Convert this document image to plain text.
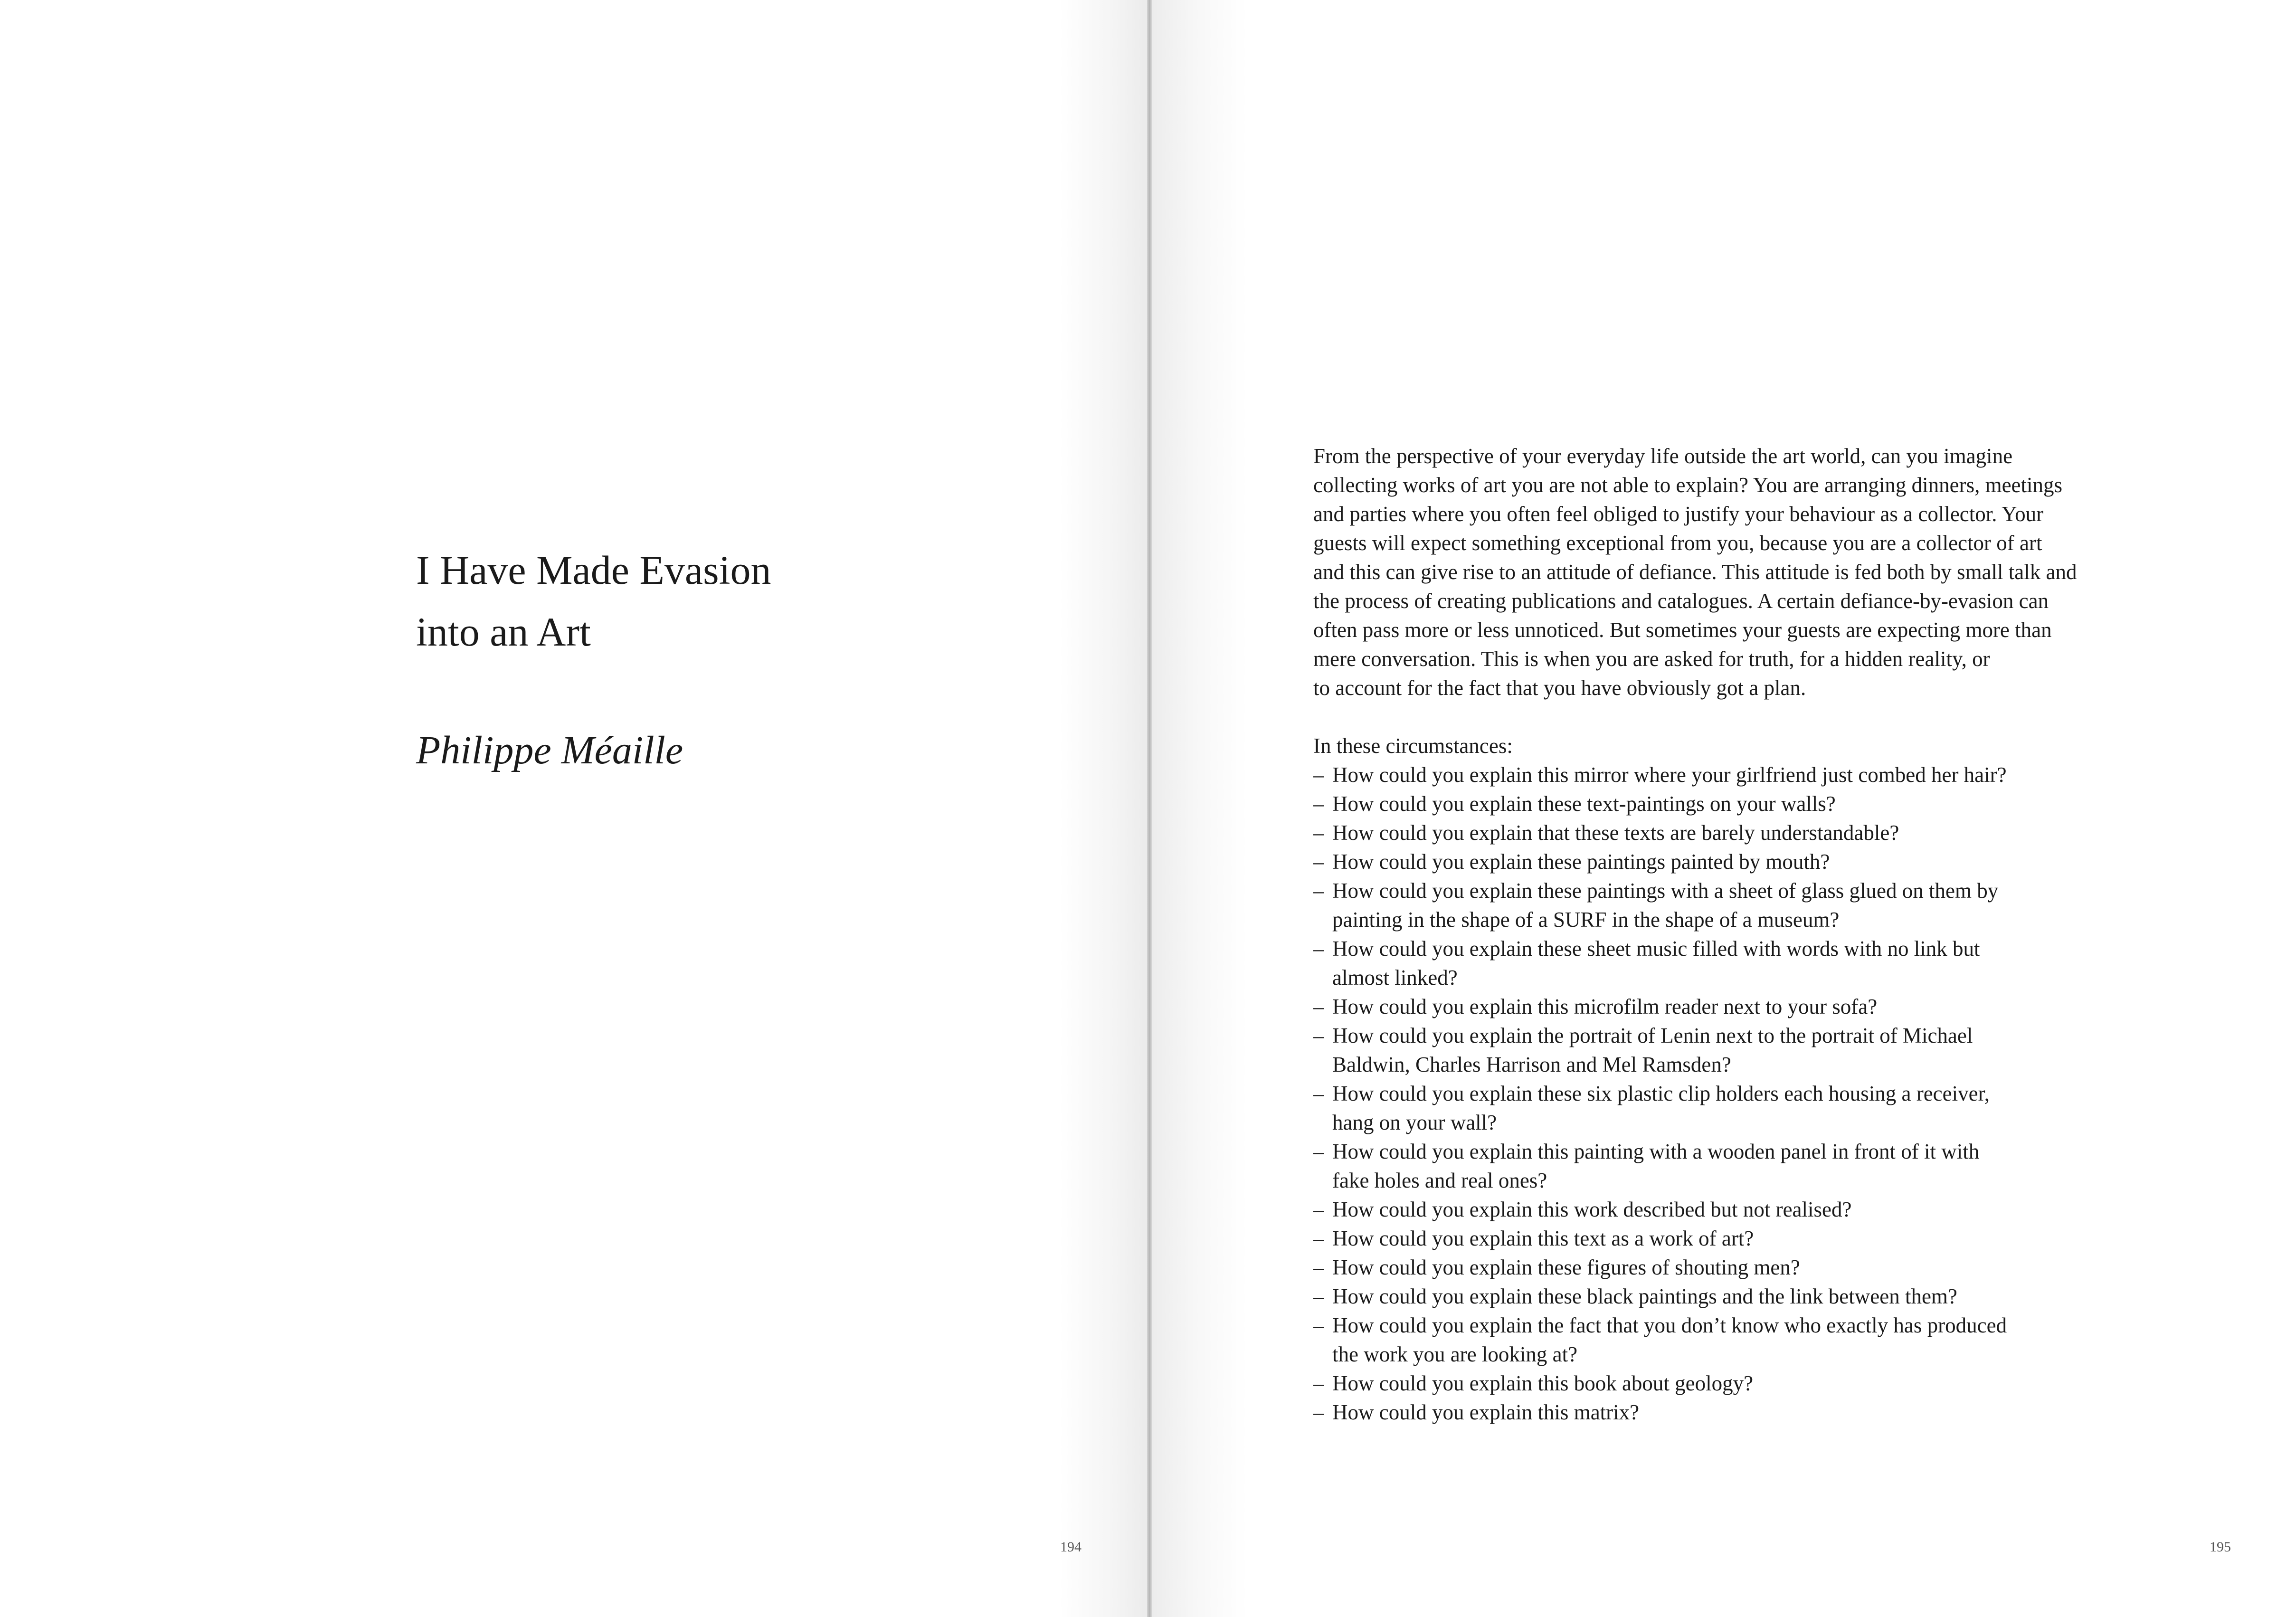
I Have Made Evasion
into an Art
Philippe Méaille
194
From the perspective of your everyday life outside the art world, can you imagine
collecting works of art you are not able to explain? You are arranging dinners, meetings
and parties where you often feel obliged to justify your behaviour as a collector. Your
guests will expect something exceptional from you, because you are a collector of art
and this can give rise to an attitude of defiance. This attitude is fed both by small talk and
the process of creating publications and catalogues. A certain defiance-by-evasion can
often pass more or less unnoticed. But sometimes your guests are expecting more than
mere conversation. This is when you are asked for truth, for a hidden reality, or
to account for the fact that you have obviously got a plan.
In these circumstances:
– How could you explain this mirror where your girlfriend just combed her hair?
– How could you explain these text-paintings on your walls?
– How could you explain that these texts are barely understandable?
– How could you explain these paintings painted by mouth?
– How could you explain these paintings with a sheet of glass glued on them by
painting in the shape of a SURF in the shape of a museum?
– How could you explain these sheet music filled with words with no link but
almost linked?
– How could you explain this microfilm reader next to your sofa?
– How could you explain the portrait of Lenin next to the portrait of Michael
Baldwin, Charles Harrison and Mel Ramsden?
– How could you explain these six plastic clip holders each housing a receiver,
hang on your wall?
– How could you explain this painting with a wooden panel in front of it with
fake holes and real ones?
– How could you explain this work described but not realised?
– How could you explain this text as a work of art?
– How could you explain these figures of shouting men?
– How could you explain these black paintings and the link between them?
– How could you explain the fact that you don’t know who exactly has produced
the work you are looking at?
– How could you explain this book about geology?
– How could you explain this matrix?
195
